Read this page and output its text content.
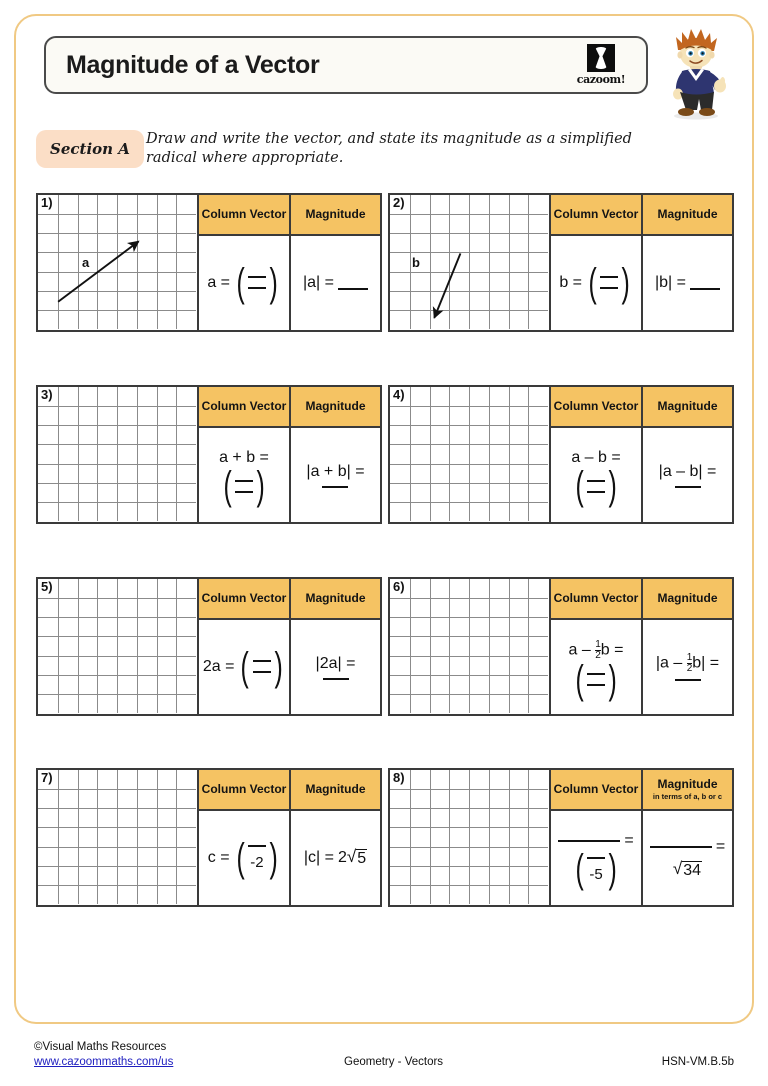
Magnitude of a Vector
cazoom!
Section A
Draw and write the vector, and state its magnitude as a simplified radical where appropriate.
1)
a
Column Vector
a = ( )
Magnitude
|a| =
2)
b
Column Vector
b = ( )
Magnitude
|b| =
3)
Column Vector
a + b =
( )
Magnitude
|a + b| =
4)
Column Vector
a – b =
( )
Magnitude
|a – b| =
5)
Column Vector
2a = ( )
Magnitude
|2a| =
6)
Column Vector
a – $\frac{1}{2}$ b =
( )
Magnitude
$|a - \frac{1}{2} b|$ =
7)
Column Vector
c = ( -2 )
Magnitude
|c| = 2 √ 5
8)
Column Vector
=
( -5 )
Magnitude
in terms of a, b or c
=
√ 34
©Visual Maths Resources
www.cazoommaths.com/us	Geometry - Vectors	HSN-VM.B.5b
